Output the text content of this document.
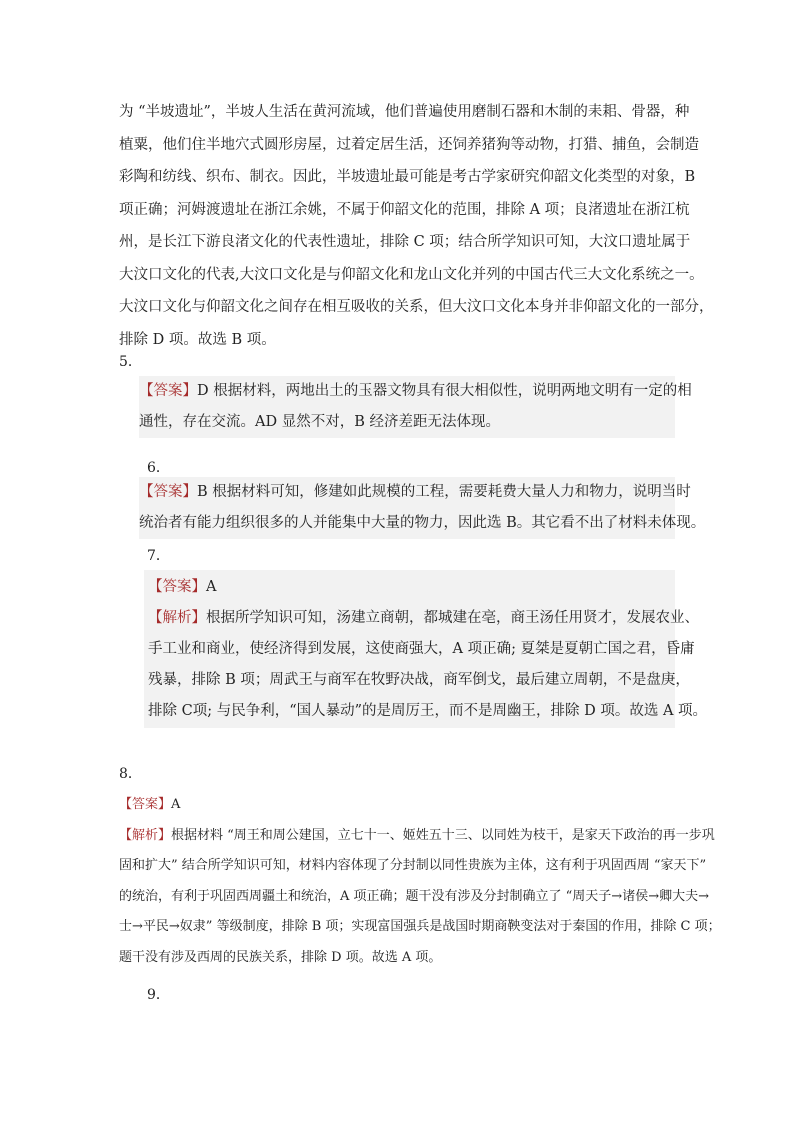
为 “半坡遗址”，半坡人生活在黄河流域，他们普遍使用磨制石器和木制的耒耜、骨器，种
植粟，他们住半地穴式圆形房屋，过着定居生活，还饲养猪狗等动物，打猎、捕鱼，会制造
彩陶和纺线、织布、制衣。因此，半坡遗址最可能是考古学家研究仰韶文化类型的对象，B
项正确；河姆渡遗址在浙江余姚，不属于仰韶文化的范围，排除 A 项；良渚遗址在浙江杭
州，是长江下游良渚文化的代表性遗址，排除 C 项；结合所学知识可知，大汶口遗址属于
大汶口文化的代表,大汶口文化是与仰韶文化和龙山文化并列的中国古代三大文化系统之一。
大汶口文化与仰韶文化之间存在相互吸收的关系，但大汶口文化本身并非仰韶文化的一部分，
排除 D 项。故选 B 项。
5．
【答案】D 根据材料，两地出土的玉器文物具有很大相似性，说明两地文明有一定的相
通性，存在交流。AD 显然不对，B 经济差距无法体现。
6．
【答案】B 根据材料可知，修建如此规模的工程，需要耗费大量人力和物力，说明当时
统治者有能力组织很多的人并能集中大量的物力，因此选 B。其它看不出了材料未体现。
7．
【答案】A
【解析】根据所学知识可知，汤建立商朝，都城建在亳，商王汤任用贤才，发展农业、
手工业和商业，使经济得到发展，这使商强大，A 项正确; 夏桀是夏朝亡国之君，昏庸
残暴，排除 B 项；周武王与商军在牧野决战，商军倒戈，最后建立周朝，不是盘庚，
排除 C项; 与民争利，“国人暴动”的是周厉王，而不是周幽王，排除 D 项。故选 A 项。
8．
【答案】A
【解析】根据材料 “周王和周公建国，立七十一、姬姓五十三、以同姓为枝干，是家天下政治的再一步巩
固和扩大” 结合所学知识可知，材料内容体现了分封制以同性贵族为主体，这有利于巩固西周 “家天下”
的统治，有利于巩固西周疆土和统治，A 项正确；题干没有涉及分封制确立了 “周天子→诸侯→卿大夫→
士→平民→奴隶” 等级制度，排除 B 项；实现富国强兵是战国时期商鞅变法对于秦国的作用，排除 C 项；
题干没有涉及西周的民族关系，排除 D 项。故选 A 项。
9．
